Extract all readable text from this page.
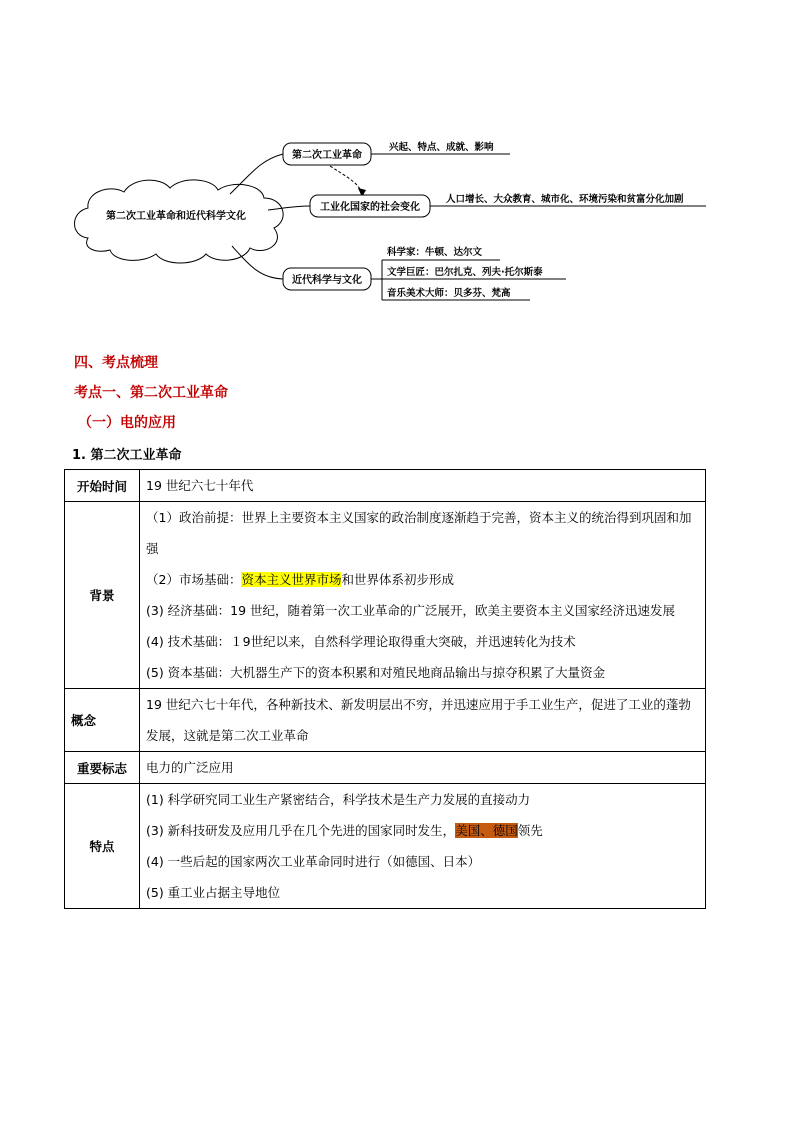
第二次工业革命和近代科学文化
第二次工业革命
兴起、特点、成就、影响
工业化国家的社会变化
人口增长、大众教育、城市化、环境污染和贫富分化加剧
近代科学与文化
科学家：牛顿、达尔文
文学巨匠：巴尔扎克、列夫·托尔斯泰
音乐美术大师：贝多芬、梵高
四、考点梳理
考点一、第二次工业革命
（一）电的应用
1. 第二次工业革命
开始时间	19 世纪六七十年代
背景	（1）政治前提：世界上主要资本主义国家的政治制度逐渐趋于完善，资本主义的统治得到巩固和加强
（2）市场基础：资本主义世界市场和世界体系初步形成
(3) 经济基础：19 世纪，随着第一次工业革命的广泛展开，欧美主要资本主义国家经济迅速发展
(4) 技术基础：１9世纪以来，自然科学理论取得重大突破，并迅速转化为技术
(5) 资本基础：大机器生产下的资本积累和对殖民地商品输出与掠夺积累了大量资金

概念	19 世纪六七十年代，各种新技术、新发明层出不穷，并迅速应用于手工业生产，促进了工业的蓬勃发展，这就是第二次工业革命
重要标志	电力的广泛应用
特点	(1) 科学研究同工业生产紧密结合，科学技术是生产力发展的直接动力
(3) 新科技研发及应用几乎在几个先进的国家同时发生，美国、德国领先
(4) 一些后起的国家两次工业革命同时进行（如德国、日本）
(5) 重工业占据主导地位
